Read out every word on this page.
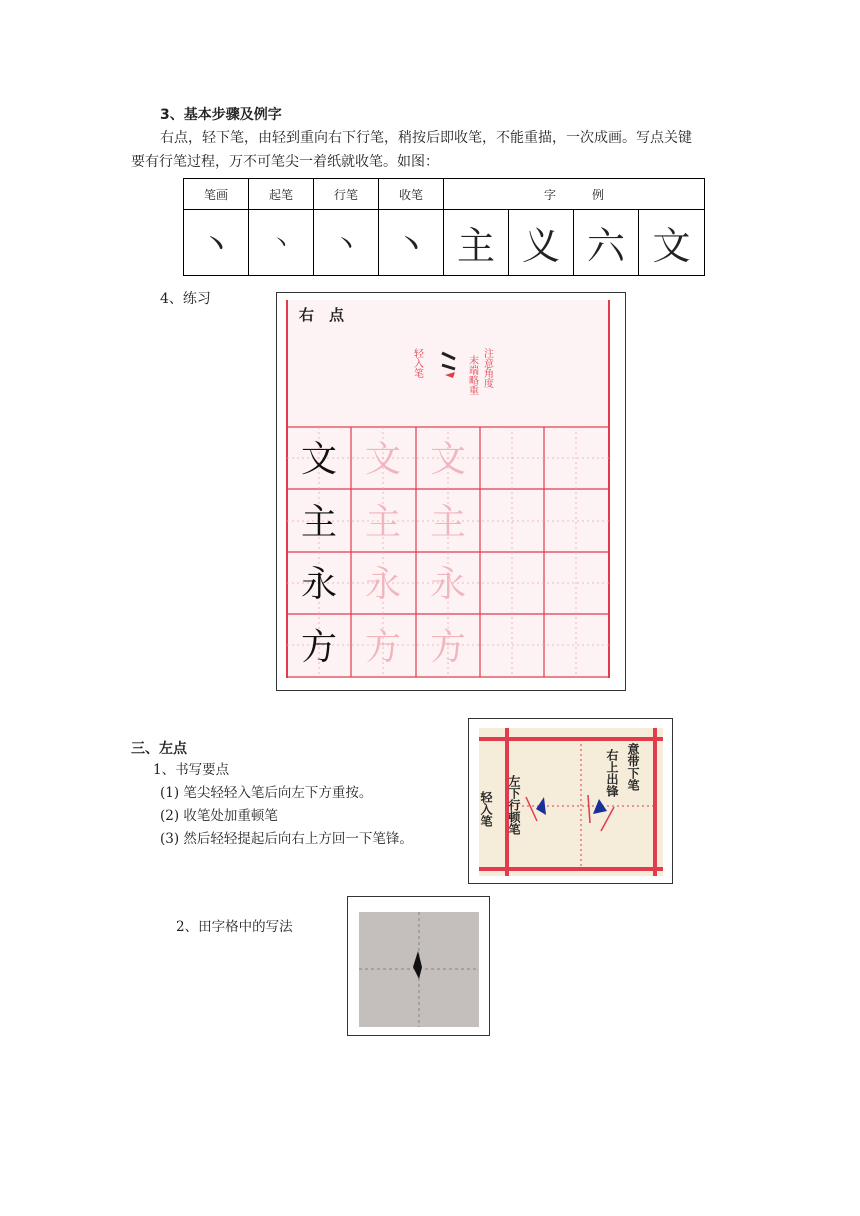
3、基本步骤及例字
右点，轻下笔，由轻到重向右下行笔，稍按后即收笔，不能重描，一次成画。写点关键
要有行笔过程，万不可笔尖一着纸就收笔。如图：
笔画	起笔	行笔	收笔	字　　　例			
丶	丶	丶	丶	主	义	六	文
4、练习
右　点
轻入笔	注意角度
末端略重
文 文 文
主 主 主
永 永 永
方 方 方
三、左点
1、书写要点
(1) 笔尖轻轻入笔后向左下方重按。
(2) 收笔处加重顿笔
(3) 然后轻轻提起后向右上方回一下笔锋。
轻入笔 左下行顿笔
右上出锋 意带下笔
2、田字格中的写法
